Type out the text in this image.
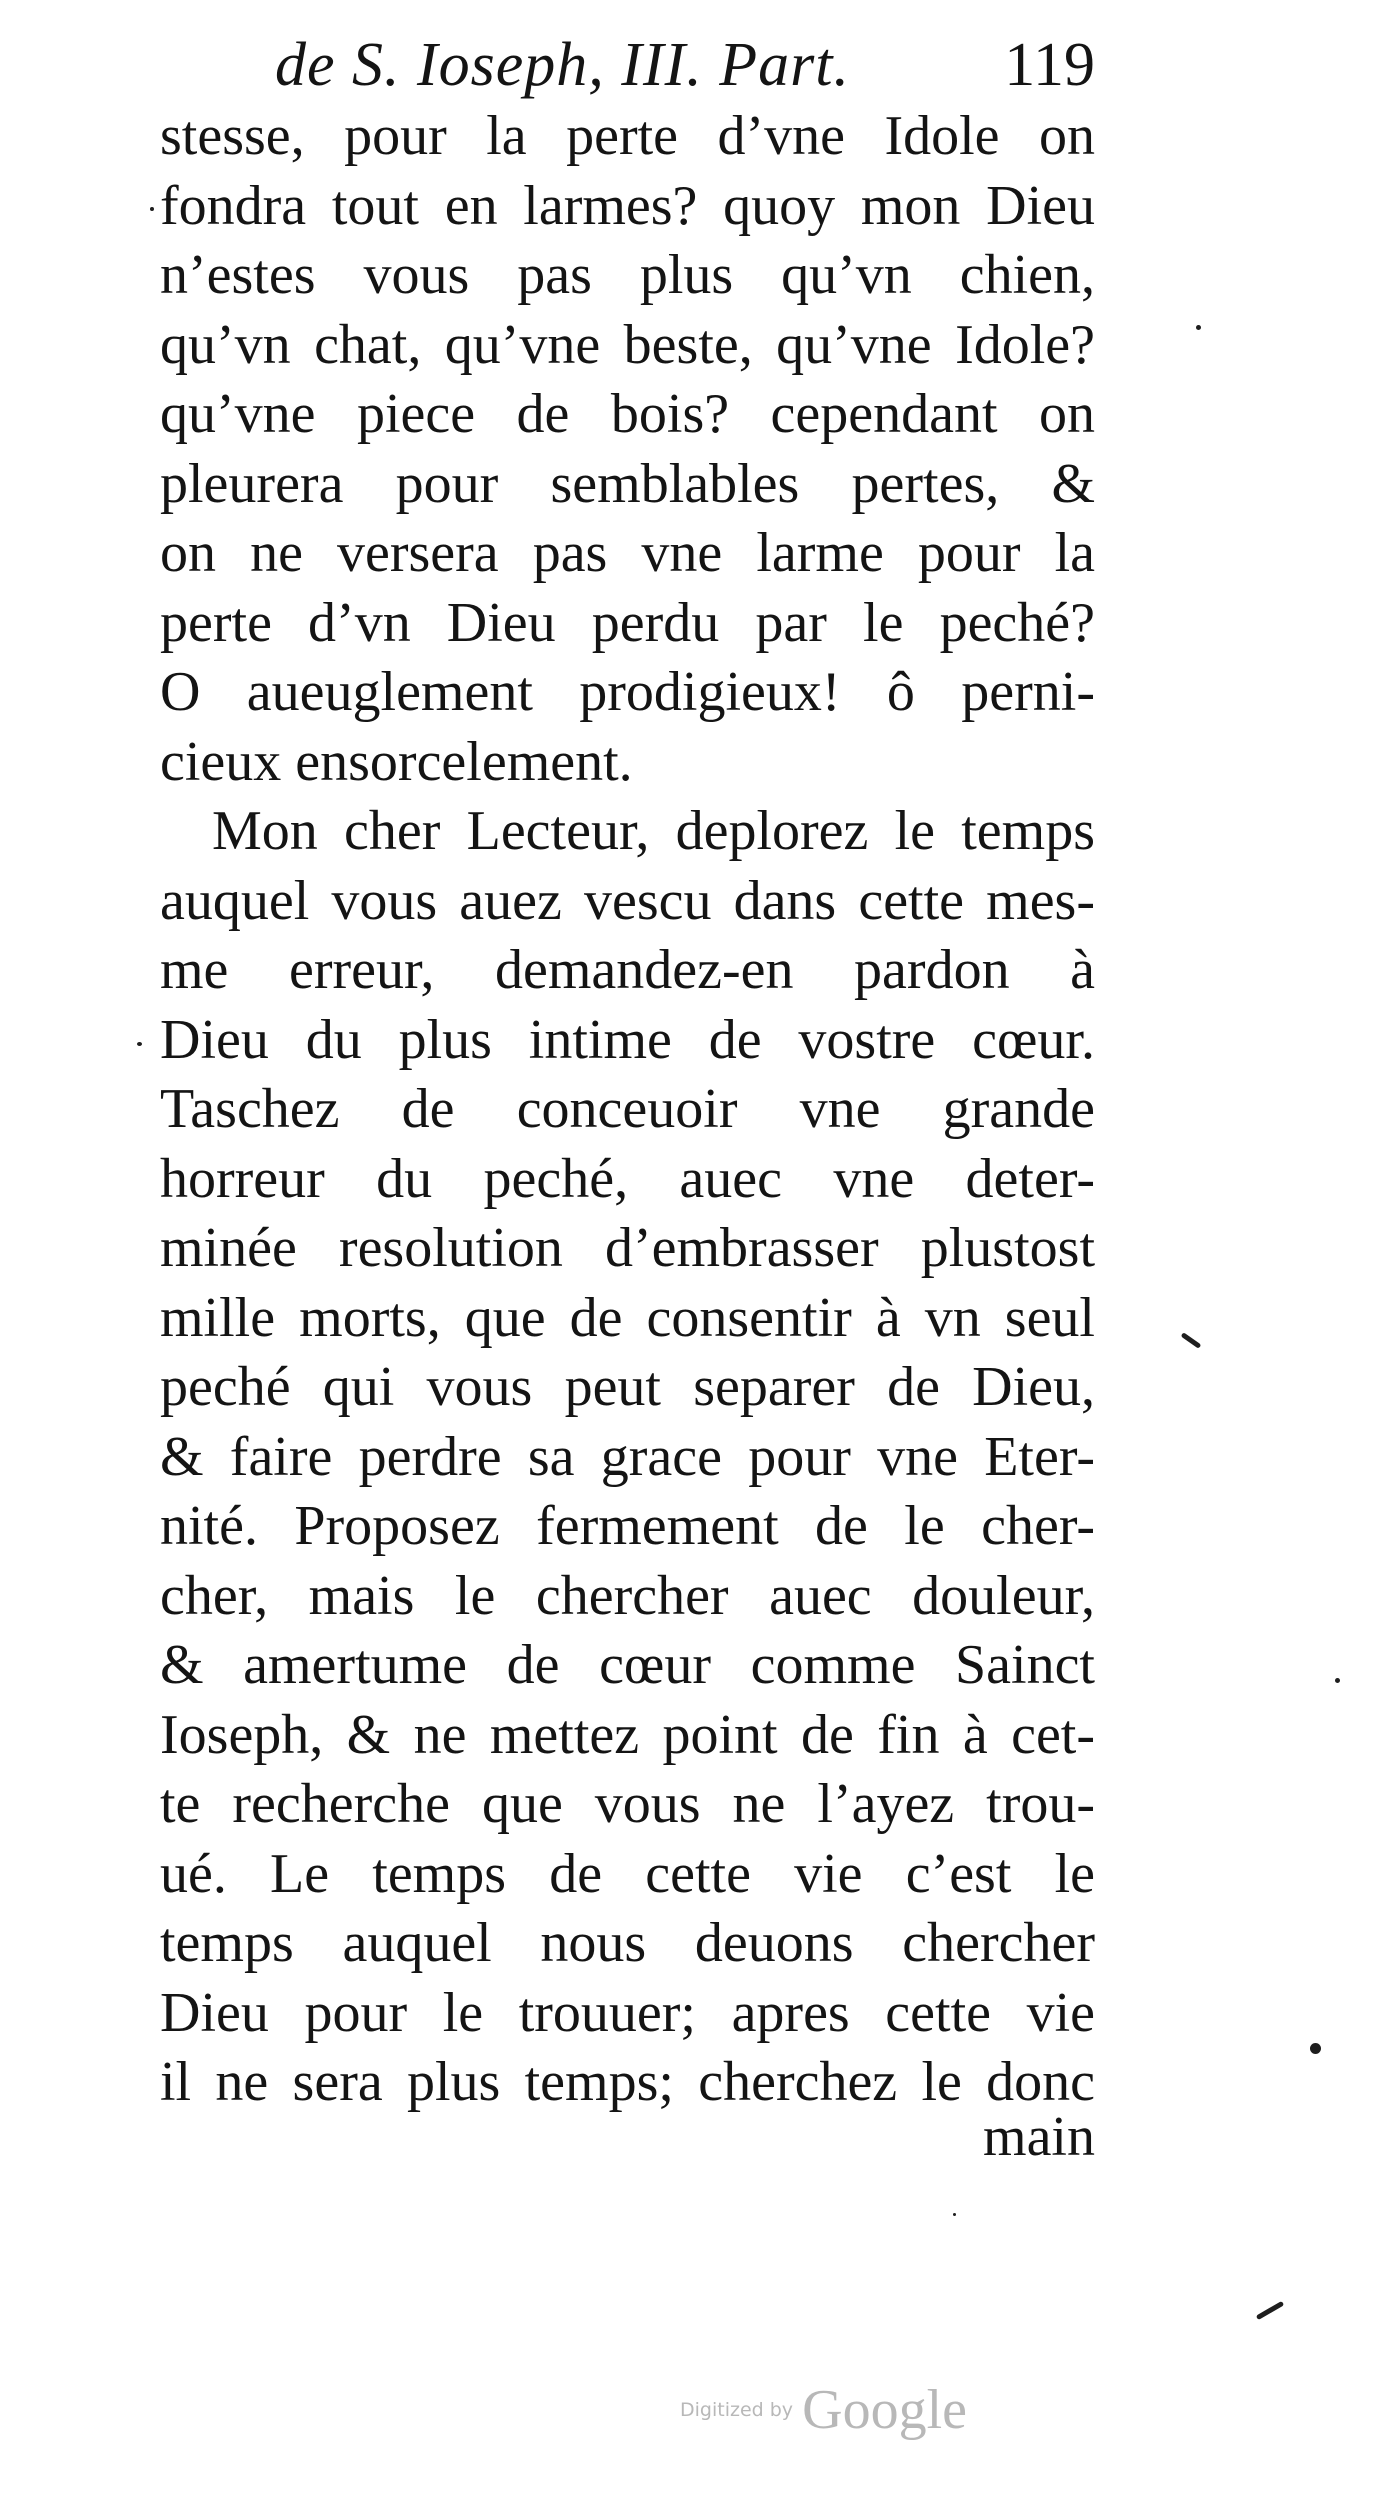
de S. Ioseph, III. Part. 119
stesse, pour la perte d’vne Idole on
fondra tout en larmes? quoy mon Dieu
n’estes vous pas plus qu’vn chien,
qu’vn chat, qu’vne beste, qu’vne Idole?
qu’vne piece de bois? cependant on
pleurera pour semblables pertes, &
on ne versera pas vne larme pour la
perte d’vn Dieu perdu par le peché?
O aueuglement prodigieux! ô perni-
cieux ensorcelement.
Mon cher Lecteur, deplorez le temps
auquel vous auez vescu dans cette mes-
me erreur, demandez-en pardon à
Dieu du plus intime de vostre cœur.
Taschez de conceuoir vne grande
horreur du peché, auec vne deter-
minée resolution d’embrasser plustost
mille morts, que de consentir à vn seul
peché qui vous peut separer de Dieu,
& faire perdre sa grace pour vne Eter-
nité. Proposez fermement de le cher-
cher, mais le chercher auec douleur,
& amertume de cœur comme Sainct
Ioseph, & ne mettez point de fin à cet-
te recherche que vous ne l’ayez trou-
ué. Le temps de cette vie c’est le
temps auquel nous deuons chercher
Dieu pour le trouuer; apres cette vie
il ne sera plus temps; cherchez le donc
main
Digitized by Google
